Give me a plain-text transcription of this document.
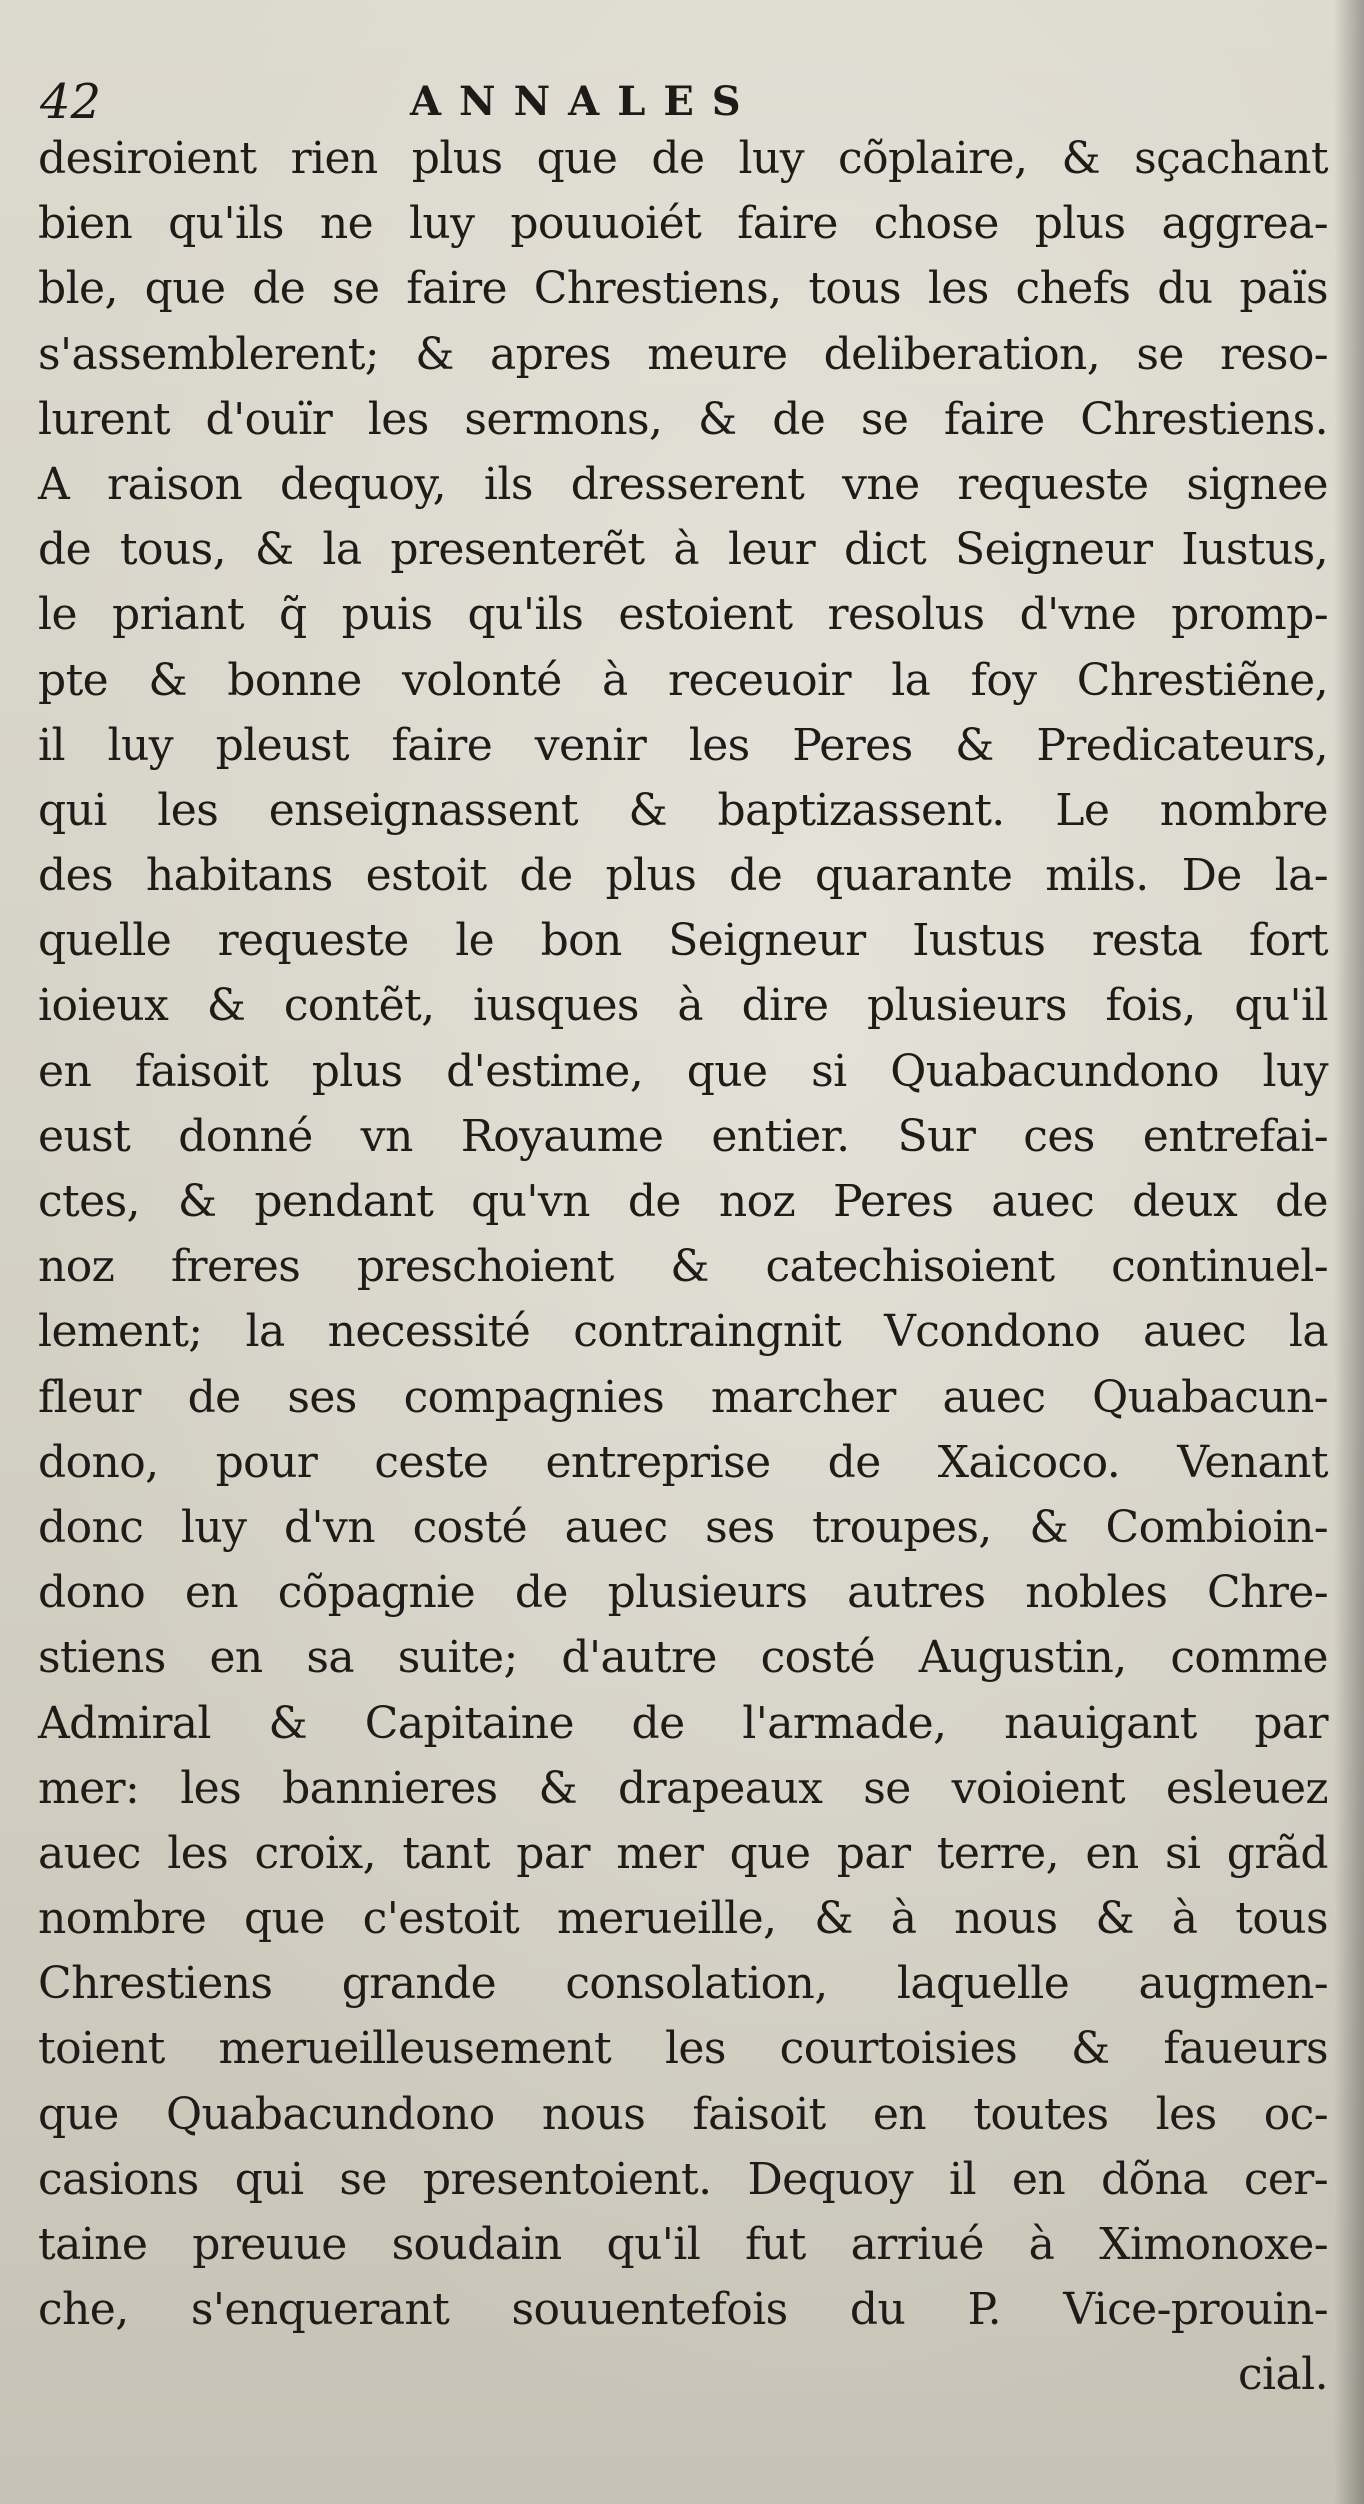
42	ANNALES
desiroient rien plus que de luy cõplaire, & sçachant
bien qu'ils ne luy pouuoiét faire chose plus aggrea-
ble, que de se faire Chrestiens, tous les chefs du païs
s'assemblerent; & apres meure deliberation, se reso-
lurent d'ouïr les sermons, & de se faire Chrestiens.
A raison dequoy, ils dresserent vne requeste signee
de tous, & la presenterẽt à leur dict Seigneur Iustus,
le priant q̃ puis qu'ils estoient resolus d'vne promp-
pte & bonne volonté à receuoir la foy Chrestiẽne,
il luy pleust faire venir les Peres & Predicateurs,
qui les enseignassent & baptizassent. Le nombre
des habitans estoit de plus de quarante mils. De la-
quelle requeste le bon Seigneur Iustus resta fort
ioieux & contẽt, iusques à dire plusieurs fois, qu'il
en faisoit plus d'estime, que si Quabacundono luy
eust donné vn Royaume entier. Sur ces entrefai-
ctes, & pendant qu'vn de noz Peres auec deux de
noz freres preschoient & catechisoient continuel-
lement; la necessité contraingnit Vcondono auec la
fleur de ses compagnies marcher auec Quabacun-
dono, pour ceste entreprise de Xaicoco. Venant
donc luy d'vn costé auec ses troupes, & Combioin-
dono en cõpagnie de plusieurs autres nobles Chre-
stiens en sa suite; d'autre costé Augustin, comme
Admiral & Capitaine de l'armade, nauigant par
mer: les bannieres & drapeaux se voioient esleuez
auec les croix, tant par mer que par terre, en si grãd
nombre que c'estoit merueille, & à nous & à tous
Chrestiens grande consolation, laquelle augmen-
toient merueilleusement les courtoisies & faueurs
que Quabacundono nous faisoit en toutes les oc-
casions qui se presentoient. Dequoy il en dõna cer-
taine preuue soudain qu'il fut arriué à Ximonoxe-
che, s'enquerant souuentefois du P. Vice-prouin-
cial.
